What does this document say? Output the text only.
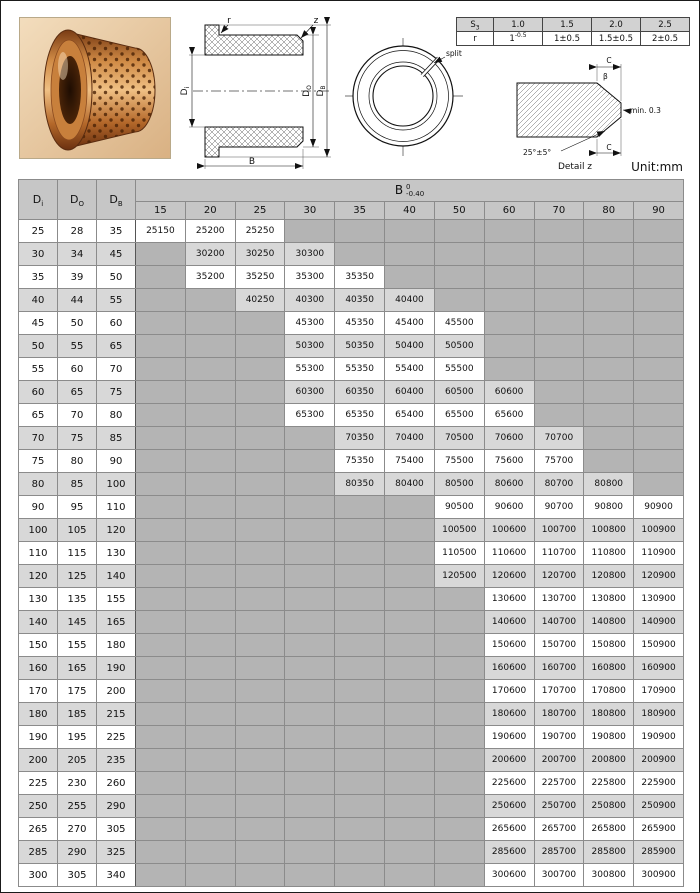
B
$D_i$
$D_O$
$D_B$
r	z
split
β
C
min. 0.3
C
25°±5°
Detail z
$S_3$	1.0	1.5	2.0	2.5
r	$1^{-0.5}$	1±0.5	1.5±0.5	2±0.5
Unit:mm
$D_i$	$D_O$	$D_B$	B 0
-0.40										

			15	20	25	30	35	40	50	60	70	80	90
25	28	35	25150	25200	25250								
30	34	45		30200	30250	30300							
35	39	50		35200	35250	35300	35350						
40	44	55			40250	40300	40350	40400					
45	50	60				45300	45350	45400	45500				
50	55	65				50300	50350	50400	50500				
55	60	70				55300	55350	55400	55500				
60	65	75				60300	60350	60400	60500	60600			
65	70	80				65300	65350	65400	65500	65600			
70	75	85					70350	70400	70500	70600	70700		
75	80	90					75350	75400	75500	75600	75700		
80	85	100					80350	80400	80500	80600	80700	80800	
90	95	110							90500	90600	90700	90800	90900
100	105	120							100500	100600	100700	100800	100900
110	115	130							110500	110600	110700	110800	110900
120	125	140							120500	120600	120700	120800	120900
130	135	155								130600	130700	130800	130900
140	145	165								140600	140700	140800	140900
150	155	180								150600	150700	150800	150900
160	165	190								160600	160700	160800	160900
170	175	200								170600	170700	170800	170900
180	185	215								180600	180700	180800	180900
190	195	225								190600	190700	190800	190900
200	205	235								200600	200700	200800	200900
225	230	260								225600	225700	225800	225900
250	255	290								250600	250700	250800	250900
265	270	305								265600	265700	265800	265900
285	290	325								285600	285700	285800	285900
300	305	340								300600	300700	300800	300900
